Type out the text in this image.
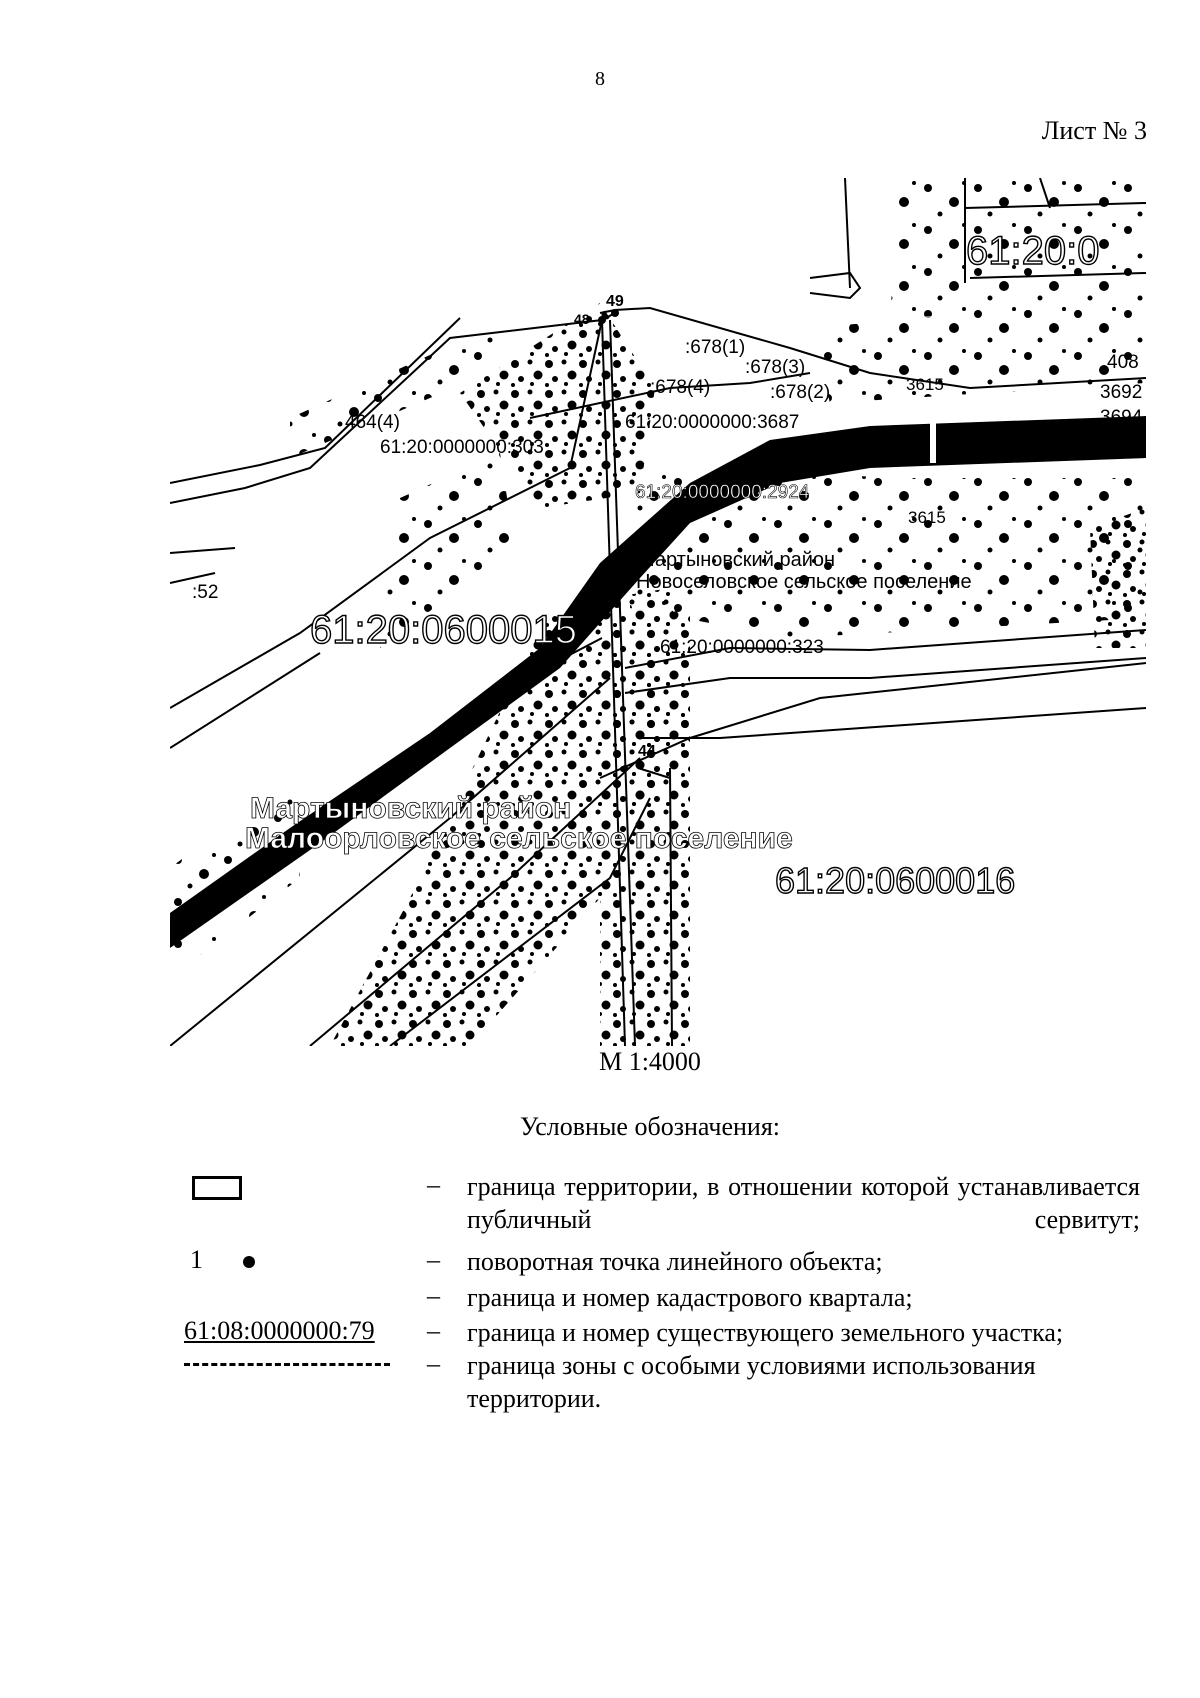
8
Лист № 3
61:20:0
49
48
:678(1)
:678(3)
:678(4)	:678(2)	3615
408
3692
3694
464(4)	61:20:0000000:3687
61:20:0000000:303
61:20:0000000:2924
3615
Мартыновский район
Новоселовское сельское поселение
:52
61:20:0600015	61:20:0000000:323
44
Мартыновский район
Малоорловское сельское поселение
61:20:0600016
М 1:4000
Условные обозначения:
– граница территории, в отношении которой устанавливается публичный сервитут;
1	– поворотная точка линейного объекта;
– граница и номер кадастрового квартала;
61:08:0000000:79 – граница и номер существующего земельного участка;
– граница зоны с особыми условиями использования территории.
